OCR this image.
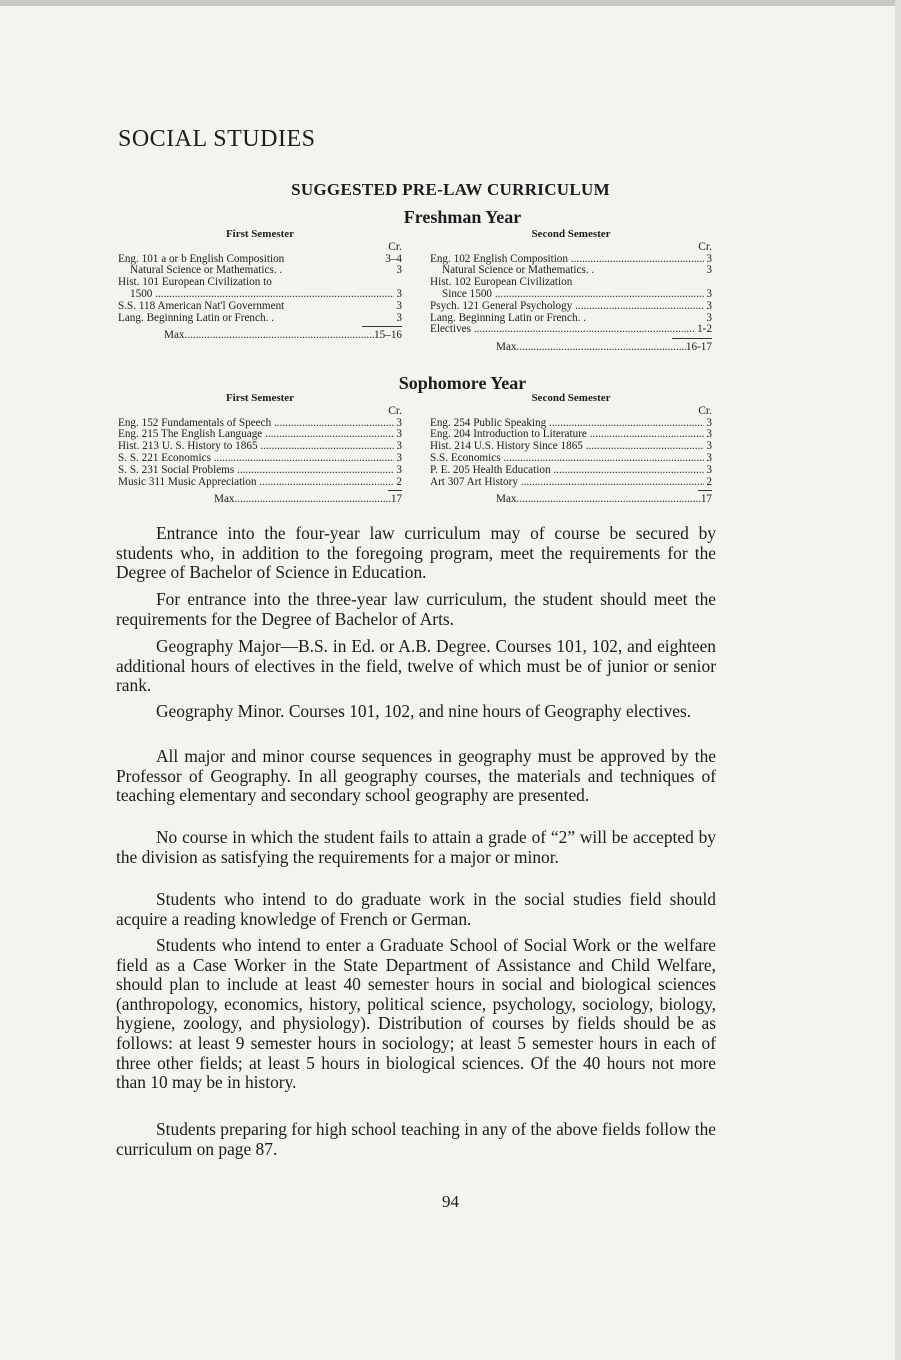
SOCIAL STUDIES
SUGGESTED PRE-LAW CURRICULUM
Freshman Year
First Semester
Cr.
Eng. 101 a or b English Composition	3–4
Natural Science or Mathematics. .	3
Hist. 101 European Civilization to
1500 .....	3
S.S. 118 American Nat'l Government	3
Lang. Beginning Latin or French. .	3
Max .....	15–16
Second Semester
Cr.
Eng. 102 English Composition .....	3
Natural Science or Mathematics. .	3
Hist. 102 European Civilization
Since 1500 .....	3
Psych. 121 General Psychology .....	3
Lang. Beginning Latin or French. .	3
Electives .....	1-2
Max .....	16-17
Sophomore Year
First Semester
Cr.
Eng. 152 Fundamentals of Speech .....	3
Eng. 215 The English Language .....	3
Hist. 213 U. S. History to 1865 .....	3
S. S. 221 Economics .....	3
S. S. 231 Social Problems .....	3
Music 311 Music Appreciation .....	2
Max .....	17
Second Semester
Cr.
Eng. 254 Public Speaking .....	3
Eng. 204 Introduction to Literature .....	3
Hist. 214 U.S. History Since 1865 .....	3
S.S. Economics .....	3
P. E. 205 Health Education .....	3
Art 307 Art History .....	2
Max .....	17

Entrance into the four-year law curriculum may of course be secured by students who, in addition to the foregoing program, meet the requirements for the Degree of Bachelor of Science in Education.

For entrance into the three-year law curriculum, the student should meet the requirements for the Degree of Bachelor of Arts.

Geography Major—B.S. in Ed. or A.B. Degree. Courses 101, 102, and eighteen additional hours of electives in the field, twelve of which must be of junior or senior rank.

Geography Minor. Courses 101, 102, and nine hours of Geography electives.

All major and minor course sequences in geography must be approved by the Professor of Geography. In all geography courses, the materials and techniques of teaching elementary and secondary school geography are presented.

No course in which the student fails to attain a grade of “2” will be accepted by the division as satisfying the requirements for a major or minor.

Students who intend to do graduate work in the social studies field should acquire a reading knowledge of French or German.

Students who intend to enter a Graduate School of Social Work or the welfare field as a Case Worker in the State Department of Assistance and Child Welfare, should plan to include at least 40 semester hours in social and biological sciences (anthropology, economics, history, political science, psychology, sociology, biology, hygiene, zoology, and physiology). Distribution of courses by fields should be as follows: at least 9 semester hours in sociology; at least 5 semester hours in each of three other fields; at least 5 hours in biological sciences. Of the 40 hours not more than 10 may be in history.

Students preparing for high school teaching in any of the above fields follow the curriculum on page 87.

94
